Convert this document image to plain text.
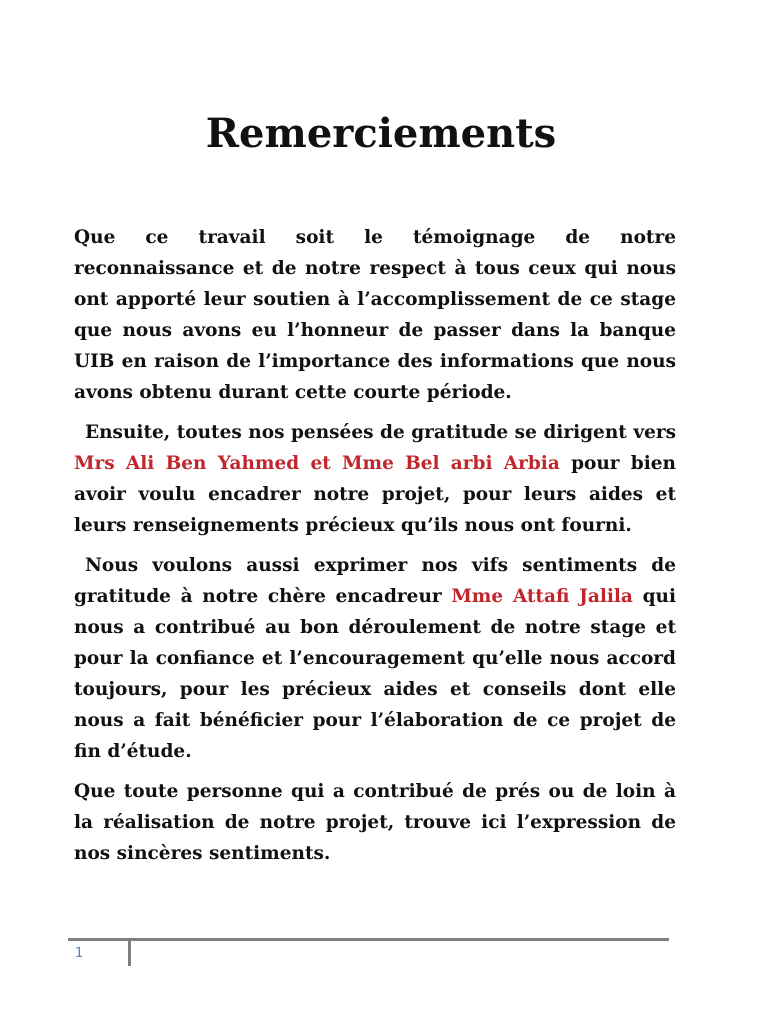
Remerciements

Que ce travail soit le témoignage de notre reconnaissance et de notre respect à tous ceux qui nous ont apporté leur soutien à l’accomplissement de ce stage que nous avons eu l’honneur de passer dans la banque UIB en raison de l’importance des informations que nous avons obtenu durant cette courte période.

Ensuite, toutes nos pensées de gratitude se dirigent vers Mrs Ali Ben Yahmed et Mme Bel arbi Arbia pour bien avoir voulu encadrer notre projet, pour leurs aides et leurs renseignements précieux qu’ils nous ont fourni.

Nous voulons aussi exprimer nos vifs sentiments de gratitude à notre chère encadreur Mme Attafi Jalila qui nous a contribué au bon déroulement de notre stage et pour la confiance et l’encouragement qu’elle nous accord toujours, pour les précieux aides et conseils dont elle nous a fait bénéficier pour l’élaboration de ce projet de fin d’étude.

Que toute personne qui a contribué de prés ou de loin à la réalisation de notre projet, trouve ici l’expression de nos sincères sentiments.

1
